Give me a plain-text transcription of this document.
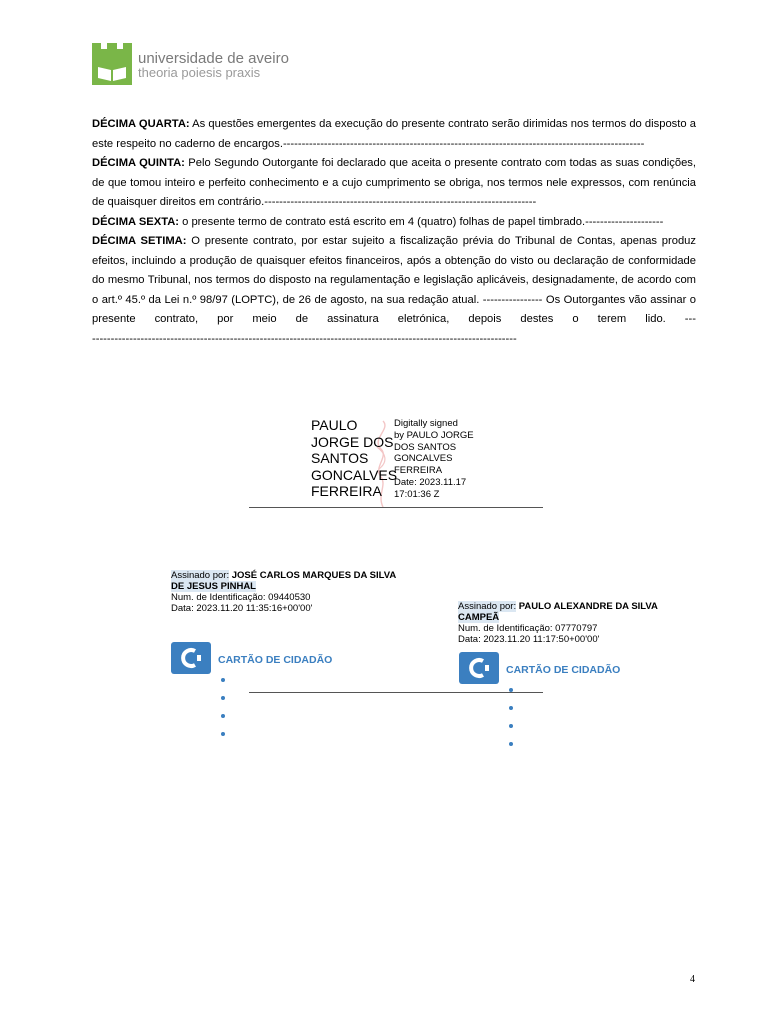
universidade de aveiro
theoria poiesis praxis

DÉCIMA QUARTA: As questões emergentes da execução do presente contrato serão dirimidas nos termos do disposto a este respeito no caderno de encargos.-------------------------------------------------------------------------------------------------

DÉCIMA QUINTA: Pelo Segundo Outorgante foi declarado que aceita o presente contrato com todas as suas condições, de que tomou inteiro e perfeito conhecimento e a cujo cumprimento se obriga, nos termos nele expressos, com renúncia de quaisquer direitos em contrário.-------------------------------------------------------------------------

DÉCIMA SEXTA: o presente termo de contrato está escrito em 4 (quatro) folhas de papel timbrado.---------------------

DÉCIMA SETIMA: O presente contrato, por estar sujeito a fiscalização prévia do Tribunal de Contas, apenas produz efeitos, incluindo a produção de quaisquer efeitos financeiros, após a obtenção do visto ou declaração de conformidade do mesmo Tribunal, nos termos do disposto na regulamentação e legislação aplicáveis, designadamente, de acordo com o art.º 45.º da Lei n.º 98/97 (LOPTC), de 26 de agosto, na sua redação atual. ---------------- Os Outorgantes vão assinar o presente contrato, por meio de assinatura eletrónica, depois destes o terem lido. ---------------------------------------------------------------------------------------------------------------------

PAULO
JORGE DOS
SANTOS
GONCALVES
FERREIRA
Digitally signed
by PAULO JORGE
DOS SANTOS
GONCALVES
FERREIRA
Date: 2023.11.17
17:01:36 Z
Assinado por: JOSÉ CARLOS MARQUES DA SILVA
DE JESUS PINHAL
Num. de Identificação: 09440530
Data: 2023.11.20 11:35:16+00'00'
CARTÃO DE CIDADÃO
Assinado por: PAULO ALEXANDRE DA SILVA
CAMPEÃ
Num. de Identificação: 07770797
Data: 2023.11.20 11:17:50+00'00'
CARTÃO DE CIDADÃO
4
